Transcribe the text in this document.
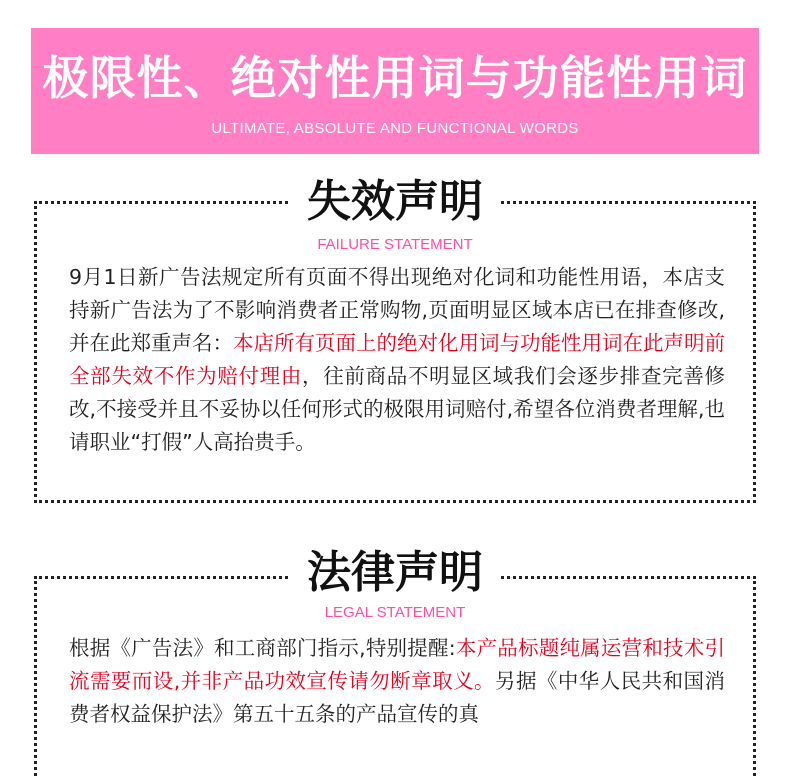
极限性、绝对性用词与功能性用词
ULTIMATE, ABSOLUTE AND FUNCTIONAL WORDS
失效声明
FAILURE STATEMENT
9月1日新广告法规定所有页面不得出现绝对化词和功能性用语，本店支持新广告法为了不影响消费者正常购物,页面明显区域本店已在排查修改,并在此郑重声名：本店所有页面上的绝对化用词与功能性用词在此声明前全部失效不作为赔付理由，往前商品不明显区域我们会逐步排查完善修改,不接受并且不妥协以任何形式的极限用词赔付,希望各位消费者理解,也请职业“打假”人高抬贵手。
法律声明
LEGAL STATEMENT
根据《广告法》和工商部门指示,特别提醒:本产品标题纯属运营和技术引流需要而设,并非产品功效宣传请勿断章取义。另据《中华人民共和国消费者权益保护法》第五十五条的产品宣传的真
